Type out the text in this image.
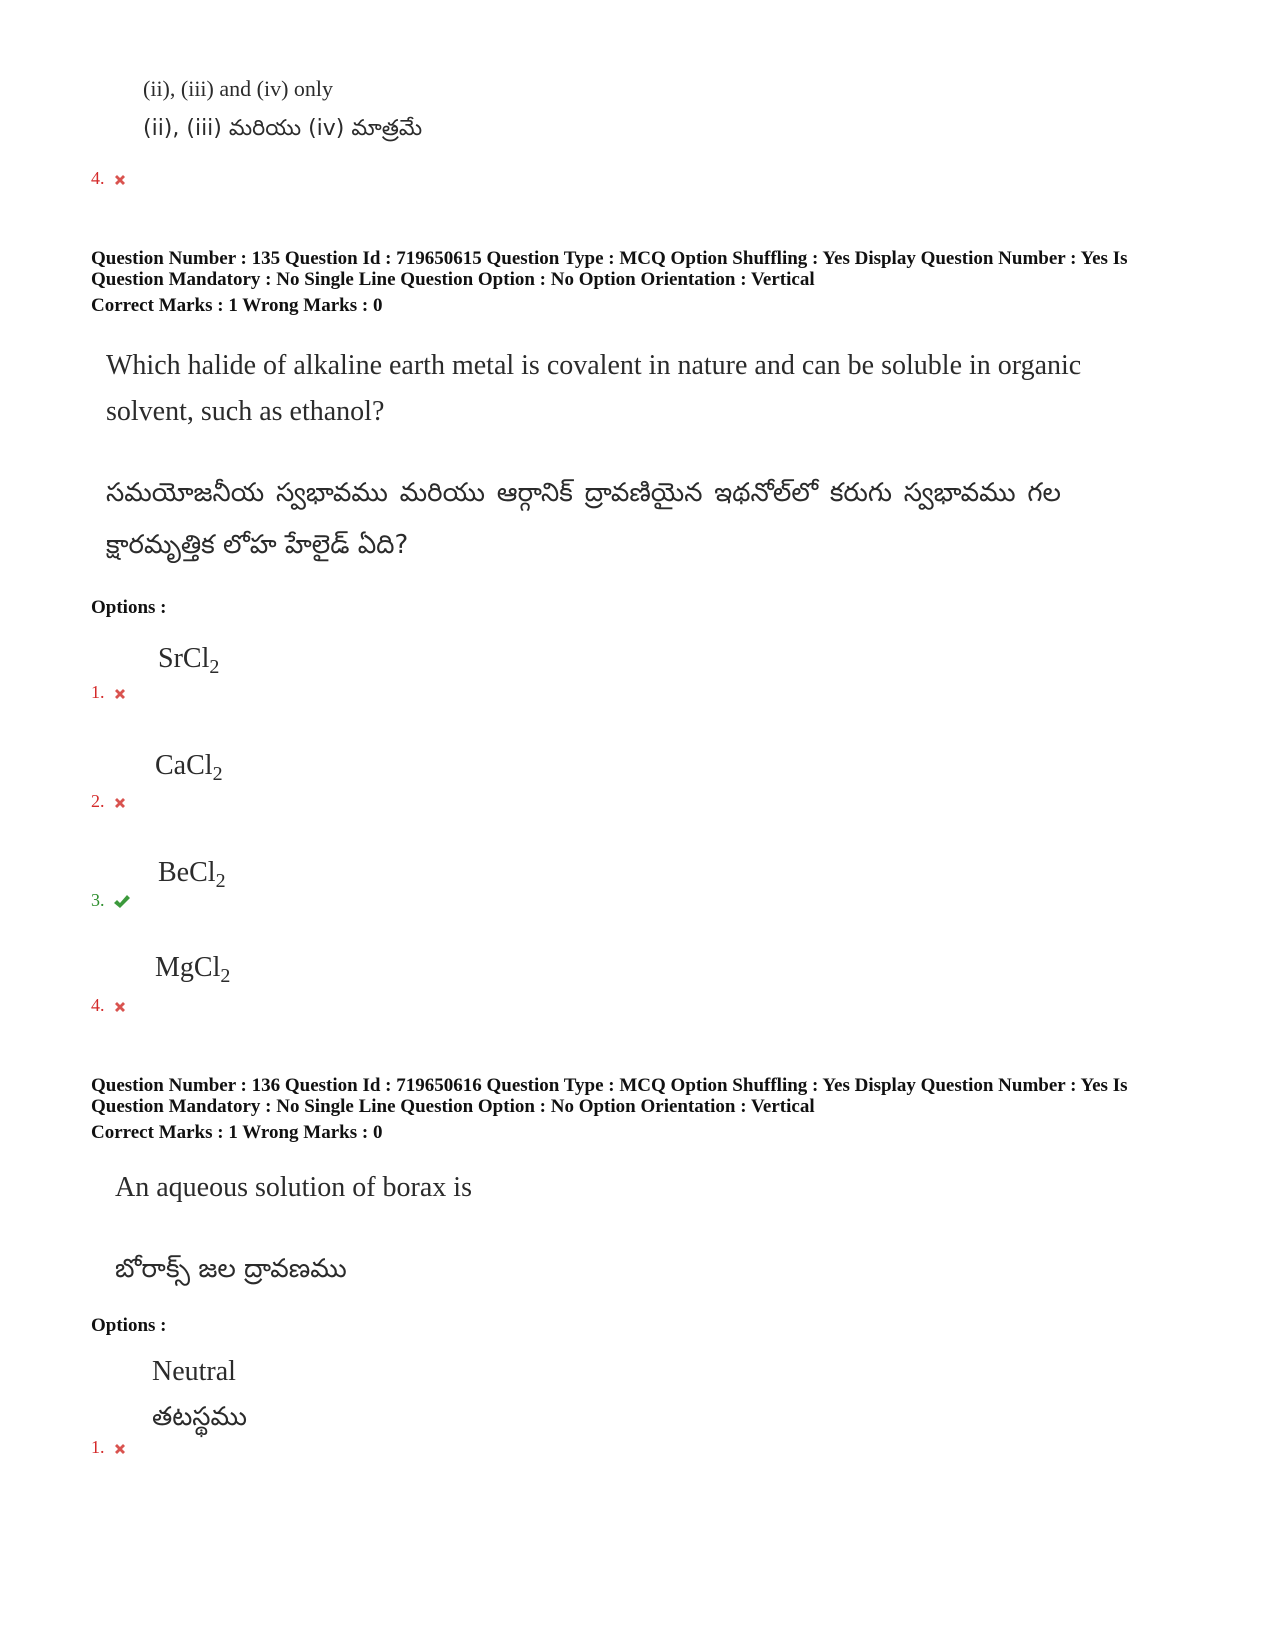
(ii), (iii) and (iv) only
(ii), (iii) మరియు (iv) మాత్రమే
4.
Question Number : 135 Question Id : 719650615 Question Type : MCQ Option Shuffling : Yes Display Question Number : Yes Is
Question Mandatory : No Single Line Question Option : No Option Orientation : Vertical
Correct Marks : 1 Wrong Marks : 0
Which halide of alkaline earth metal is covalent in nature and can be soluble in organic
solvent, such as ethanol?
సమయోజనీయ స్వభావము మరియు ఆర్గానిక్ ద్రావణియైన ఇథనోల్‌లో కరుగు స్వభావము గల
క్షారమృత్తిక లోహ హేలైడ్ ఏది?
Options :
SrCl$_2$
1.
CaCl$_2$
2.
BeCl$_2$
3.
MgCl$_2$
4.
Question Number : 136 Question Id : 719650616 Question Type : MCQ Option Shuffling : Yes Display Question Number : Yes Is
Question Mandatory : No Single Line Question Option : No Option Orientation : Vertical
Correct Marks : 1 Wrong Marks : 0
An aqueous solution of borax is
బోరాక్స్ జల ద్రావణము
Options :
Neutral
తటస్థము
1.
